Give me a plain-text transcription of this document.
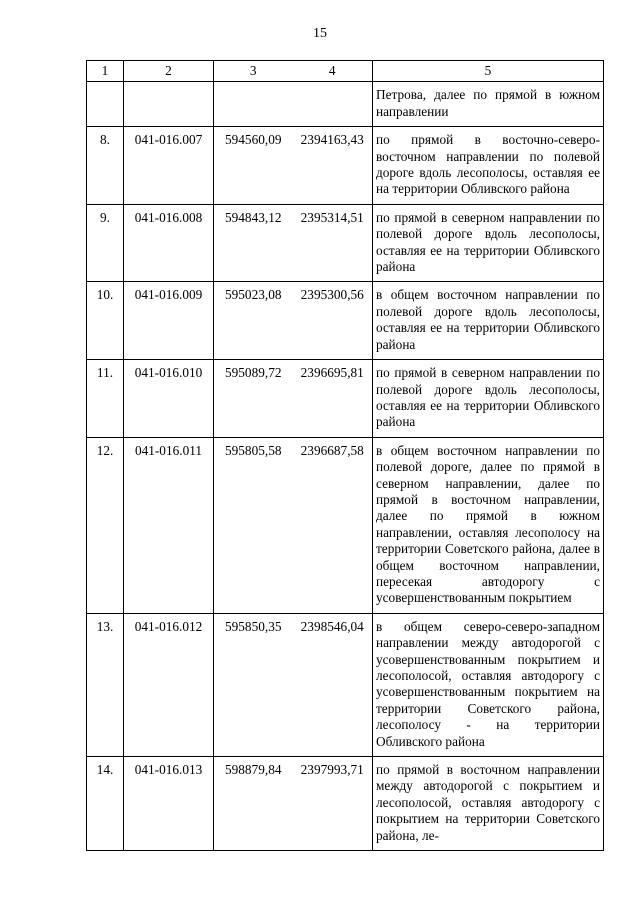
15
1	2	3	4	5
				Петрова, далее по прямой в южном направлении
8.	041-016.007	594560,09	2394163,43	по прямой в восточно-северовосточном направлении по полевой дороге вдоль лесополосы, оставляя ее на территории Обливского района
9.	041-016.008	594843,12	2395314,51	по прямой в северном направлении по полевой дороге вдоль лесополосы, оставляя ее на территории Обливского района
10.	041-016.009	595023,08	2395300,56	в общем восточном направлении по полевой дороге вдоль лесополосы, оставляя ее на территории Обливского района
11.	041-016.010	595089,72	2396695,81	по прямой в северном направлении по полевой дороге вдоль лесополосы, оставляя ее на территории Обливского района
12.	041-016.011	595805,58	2396687,58	в общем восточном направлении по полевой дороге, далее по прямой в северном направлении, далее по прямой в восточном направлении, далее по прямой в южном направлении, оставляя лесополосу на территории Советского района, далее в общем восточном направлении, пересекая автодорогу с усовершенствованным покрытием
13.	041-016.012	595850,35	2398546,04	в общем северо-северо-западном направлении между автодорогой с усовершенствованным покрытием и лесополосой, оставляя автодорогу с усовершенствованным покрытием на территории Советского района, лесополосу - на территории Обливского района
14.	041-016.013	598879,84	2397993,71	по прямой в восточном направлении между автодорогой с покрытием и лесополосой, оставляя автодорогу с покрытием на территории Советского района, ле-
